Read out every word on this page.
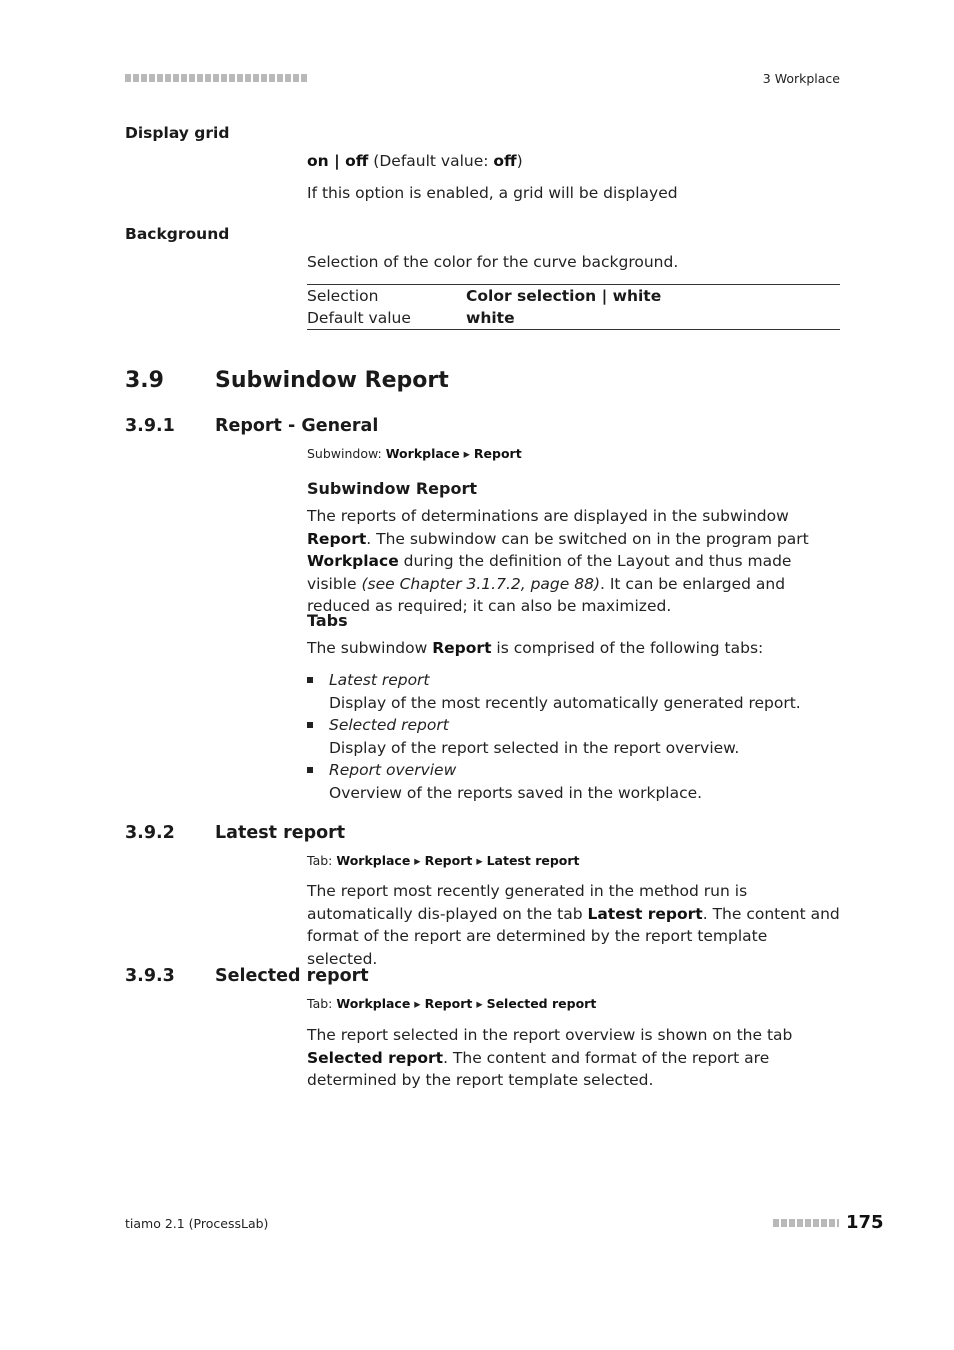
3 Workplace
Display grid
on | off (Default value: off)
If this option is enabled, a grid will be displayed
Background
Selection of the color for the curve background.
Selection	Color selection | white
Default value	white
3.9 Subwindow Report
3.9.1 Report - General
Subwindow: Workplace ▸ Report
Subwindow Report
The reports of determinations are displayed in the subwindow Report. The subwindow can be switched on in the program part Workplace during the definition of the Layout and thus made visible (see Chapter 3.1.7.2, page 88). It can be enlarged and reduced as required; it can also be maximized.
Tabs
The subwindow Report is comprised of the following tabs:
Latest report
Display of the most recently automatically generated report.
Selected report
Display of the report selected in the report overview.
Report overview
Overview of the reports saved in the workplace.
3.9.2 Latest report
Tab: Workplace ▸ Report ▸ Latest report
The report most recently generated in the method run is automatically dis-played on the tab Latest report. The content and format of the report are determined by the report template selected.
3.9.3 Selected report
Tab: Workplace ▸ Report ▸ Selected report
The report selected in the report overview is shown on the tab Selected report. The content and format of the report are determined by the report template selected.
tiamo 2.1 (ProcessLab)	175
